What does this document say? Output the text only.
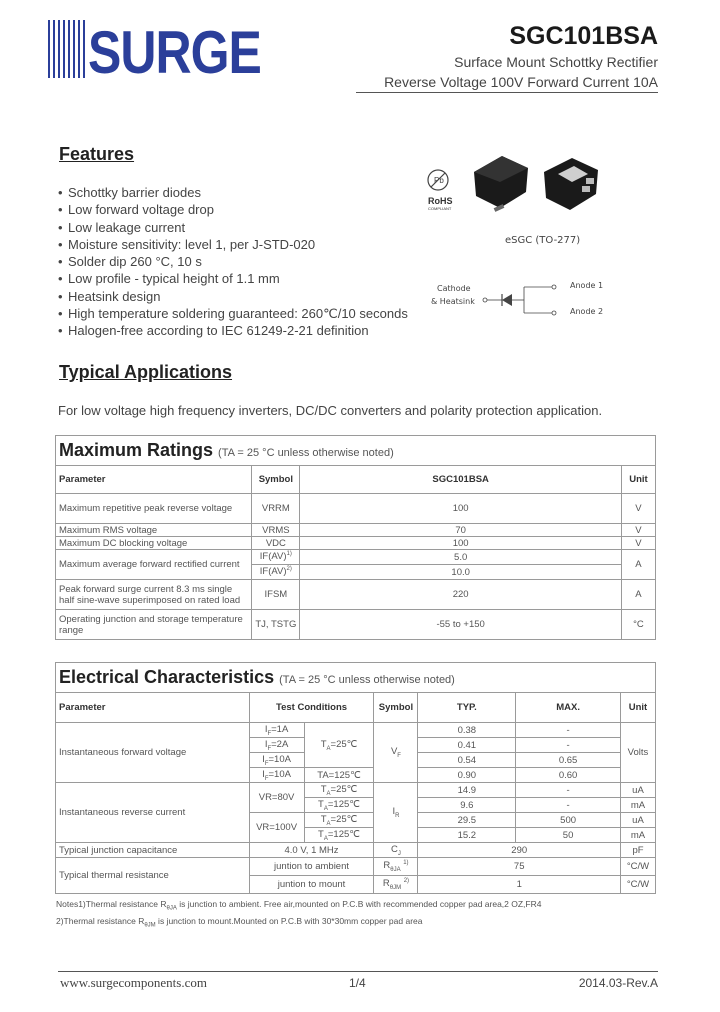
SURGE	SGC101BSA
Surface Mount Schottky Rectifier
Reverse Voltage 100V Forward Current 10A
Features
• Schottky barrier diodes
• Low forward voltage drop
• Low leakage current
• Moisture sensitivity: level 1, per J-STD-020
• Solder dip 260 °C, 10 s
• Low profile - typical height of 1.1 mm
• Heatsink design
• High temperature soldering guaranteed: 260℃/10 seconds
• Halogen-free according to IEC 61249-2-21 definition
Pb
RoHS
COMPLIANT
eSGC (TO-277)
Cathode
& Heatsink
Anode 1
Anode 2
Typical Applications
For low voltage high frequency inverters, DC/DC converters and polarity protection application.
Maximum Ratings (TA = 25 °C unless otherwise noted)			
Parameter	Symbol	SGC101BSA	Unit
Maximum repetitive peak reverse voltage	VRRM	100	V
Maximum RMS voltage	VRMS	70	V
Maximum DC blocking voltage	VDC	100	V
Maximum average forward rectified current	IF(AV)$^{1)}$	5.0	A
	IF(AV)$^{2)}$	10.0	

Peak forward surge current 8.3 ms single
half sine-wave superimposed on rated load	IFSM	220	A

Operating junction and storage temperature
range	TJ, TSTG	-55 to +150	°C
Electrical Characteristics (TA = 25 °C unless otherwise noted)						
Parameter	Test Conditions		Symbol	TYP.	MAX.	Unit
Instantaneous forward voltage	$I_F=1A$	$T_A=25℃$	$V_F$	0.38	-	Volts
	$I_F=2A$			0.41	-	
	$I_F=10A$			0.54	0.65	
	$I_F=10A$	TA=125℃		0.90	0.60	
Instantaneous reverse current	VR=80V	$T_A=25℃$	$I_R$	14.9	-	uA
		$T_A=125℃$		9.6	-	mA
	VR=100V	$T_A=25℃$		29.5	500	uA
		$T_A=125℃$		15.2	50	mA
Typical junction capacitance	4.0 V, 1 MHz		$C_J$	290		pF
Typical thermal resistance	juntion to ambient		$R_{\theta JA}$ $^{1)}$	75		°C/W
	juntion to mount		$R_{\theta JM}$ $^{2)}$	1		°C/W
Notes1)Thermal resistance $R_{\theta JA}$ is junction to ambient. Free air,mounted on P.C.B with recommended copper pad area,2 OZ,FR4
2)Thermal resistance $R_{\theta JM}$ is junction to mount.Mounted on P.C.B with 30*30mm copper pad area
www.surgecomponents.com	1/4	2014.03-Rev.A
